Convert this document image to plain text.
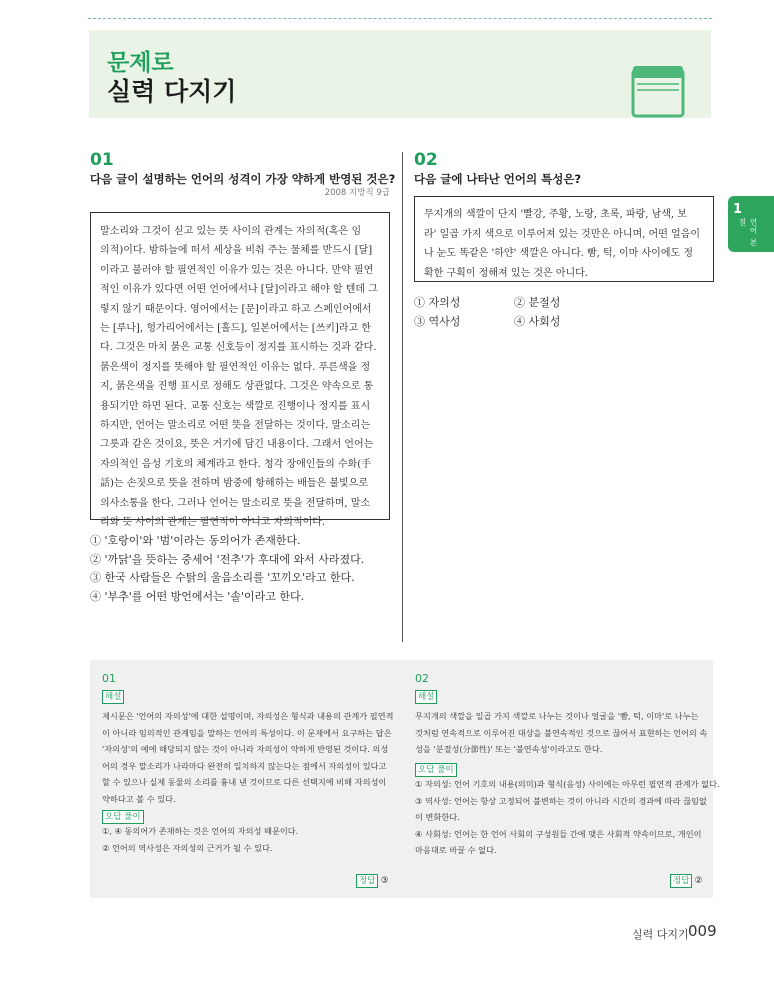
문제로
실력 다지기
1
언어 본질
01
다음 글이 설명하는 언어의 성격이 가장 약하게 반영된 것은?
2008 지방직 9급
말소리와 그것이 싣고 있는 뜻 사이의 관계는 자의적(혹은 임
의적)이다. 밤하늘에 떠서 세상을 비춰 주는 물체를 반드시 [달]
이라고 불러야 할 필연적인 이유가 있는 것은 아니다. 만약 필연
적인 이유가 있다면 어떤 언어에서나 [달]이라고 해야 할 텐데 그
렇지 않기 때문이다. 영어에서는 [문]이라고 하고 스페인어에서
는 [루나], 헝가리어에서는 [홀드], 일본어에서는 [쓰키]라고 한
다. 그것은 마치 붉은 교통 신호등이 정지를 표시하는 것과 같다.
붉은색이 정지를 뜻해야 할 필연적인 이유는 없다. 푸른색을 정
지, 붉은색을 진행 표시로 정해도 상관없다. 그것은 약속으로 통
용되기만 하면 된다. 교통 신호는 색깔로 진행이나 정지를 표시
하지만, 언어는 말소리로 어떤 뜻을 전달하는 것이다. 말소리는
그릇과 같은 것이요, 뜻은 거기에 담긴 내용이다. 그래서 언어는
자의적인 음성 기호의 체계라고 한다. 청각 장애인들의 수화(手
話)는 손짓으로 뜻을 전하며 밤중에 항해하는 배들은 불빛으로
의사소통을 한다. 그러나 언어는 말소리로 뜻을 전달하며, 말소
리와 뜻 사이의 관계는 필연적이 아니고 자의적이다.
① '호랑이'와 '범'이라는 동의어가 존재한다.
② '까닭'을 뜻하는 중세어 '전추'가 후대에 와서 사라졌다.
③ 한국 사람들은 수탉의 울음소리를 '꼬끼오'라고 한다.
④ '부추'를 어떤 방언에서는 '솔'이라고 한다.
02
다음 글에 나타난 언어의 특성은?
무지개의 색깔이 단지 '빨강, 주황, 노랑, 초록, 파랑, 남색, 보
라' 일곱 가지 색으로 이루어져 있는 것만은 아니며, 어떤 얼음이
나 눈도 똑같은 '하얀' 색깔은 아니다. 빰, 턱, 이마 사이에도 정
확한 구획이 정해져 있는 것은 아니다.
① 자의성	② 분절성
③ 역사성	④ 사회성
01
해설
제시문은 '언어의 자의성'에 대한 설명이며, 자의성은 형식과 내용의 관계가 필연적
이 아니라 임의적인 관계임을 말하는 언어의 특성이다. 이 문제에서 요구하는 답은
'자의성'의 예에 해당되지 않는 것이 아니라 자의성이 약하게 반영된 것이다. 의성
어의 경우 말소리가 나라마다 완전히 일치하지 않는다는 점에서 자의성이 있다고
할 수 있으나 실제 동물의 소리를 흉내 낸 것이므로 다른 선택지에 비해 자의성이
약하다고 볼 수 있다.
오답 풀이
①, ④ 동의어가 존재하는 것은 언어의 자의성 때문이다.
② 언어의 역사성은 자의성의 근거가 될 수 있다.
정답 ③
02
해설
무지개의 색깔을 일곱 가지 색깔로 나누는 것이나 얼굴을 '뺨, 턱, 이마'로 나누는
것처럼 연속적으로 이루어진 대상을 불연속적인 것으로 끊어서 표현하는 언어의 속
성을 '분절성(分節性)' 또는 '불연속성'이라고도 한다.
오답 풀이
① 자의성: 언어 기호의 내용(의미)과 형식(음성) 사이에는 아무런 필연적 관계가 없다.
③ 역사성: 언어는 항상 고정되어 불변하는 것이 아니라 시간의 경과에 따라 끊임없
이 변화한다.
④ 사회성: 언어는 한 언어 사회의 구성원들 간에 맺은 사회적 약속이므로, 개인이
마음대로 바꿀 수 없다.
정답 ②
실력 다지기 009
